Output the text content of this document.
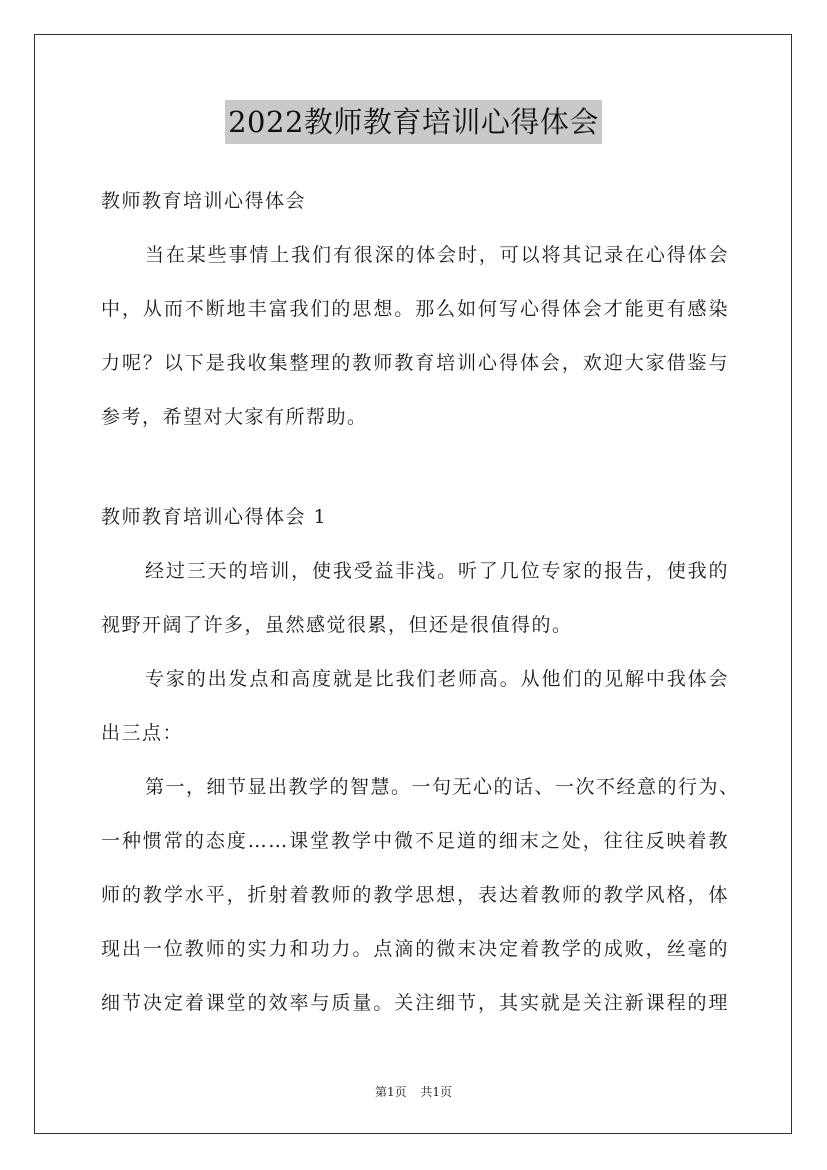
2022教师教育培训心得体会
教师教育培训心得体会
当在某些事情上我们有很深的体会时，可以将其记录在心得体会
中，从而不断地丰富我们的思想。那么如何写心得体会才能更有感染
力呢？以下是我收集整理的教师教育培训心得体会，欢迎大家借鉴与
参考，希望对大家有所帮助。
教师教育培训心得体会 1
经过三天的培训，使我受益非浅。听了几位专家的报告，使我的
视野开阔了许多，虽然感觉很累，但还是很值得的。
专家的出发点和高度就是比我们老师高。从他们的见解中我体会
出三点：
第一，细节显出教学的智慧。一句无心的话、一次不经意的行为、
一种惯常的态度……课堂教学中微不足道的细末之处，往往反映着教
师的教学水平，折射着教师的教学思想，表达着教师的教学风格，体
现出一位教师的实力和功力。点滴的微末决定着教学的成败，丝毫的
细节决定着课堂的效率与质量。关注细节，其实就是关注新课程的理
第1页 共1页
